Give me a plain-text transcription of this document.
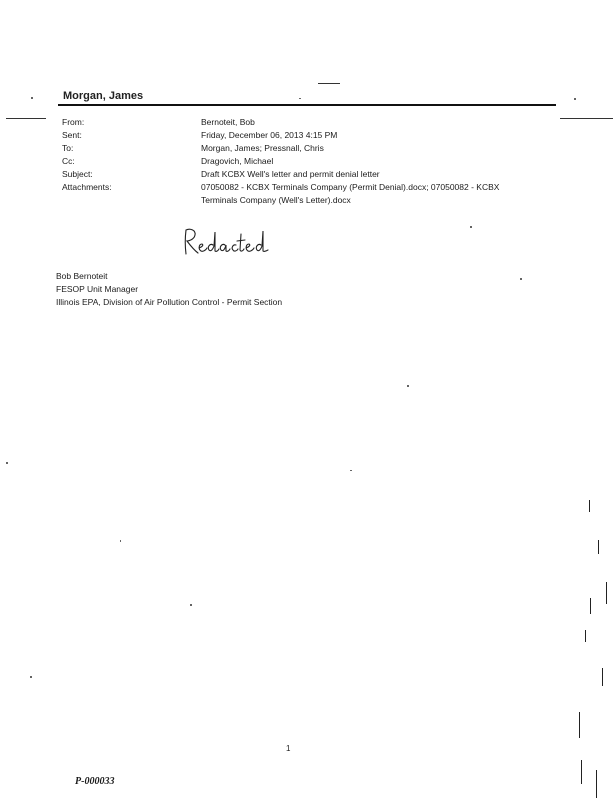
Morgan, James
From:	Bernoteit, Bob
Sent:	Friday, December 06, 2013 4:15 PM
To:	Morgan, James; Pressnall, Chris
Cc:	Dragovich, Michael
Subject:	Draft KCBX Well's letter and permit denial letter
Attachments:	07050082 - KCBX Terminals Company (Permit Denial).docx; 07050082 - KCBX
Terminals Company (Well's Letter).docx
Bob Bernoteit
FESOP Unit Manager
Illinois EPA, Division of Air Pollution Control - Permit Section
1
P-000033
